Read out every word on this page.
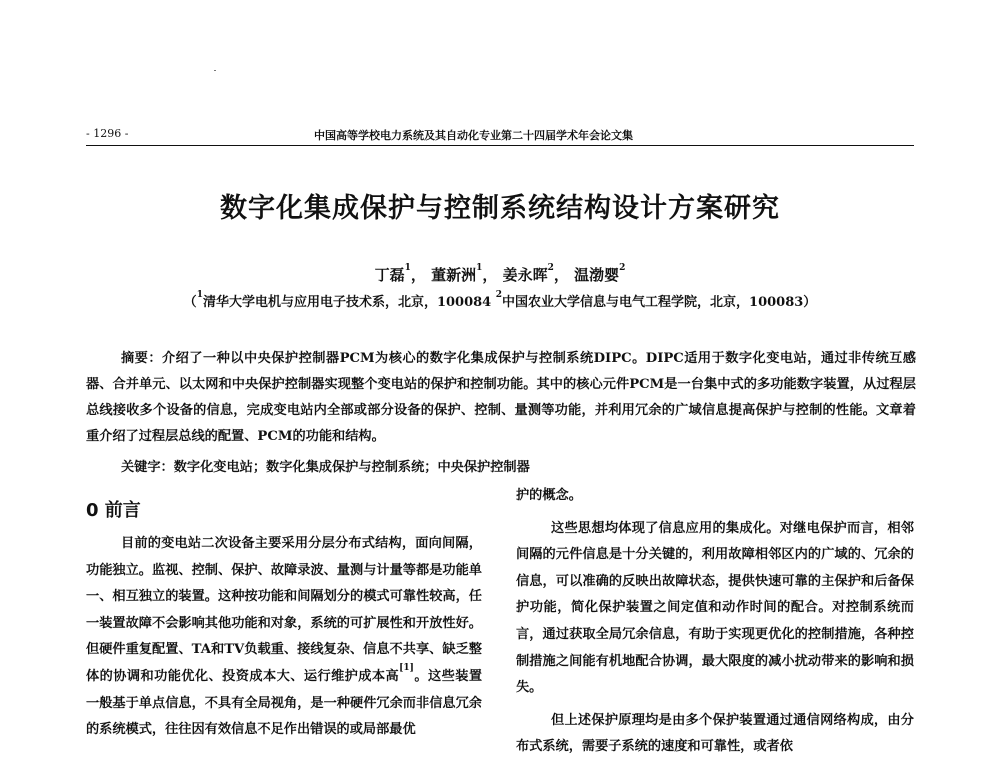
- 1296 -	中国高等学校电力系统及其自动化专业第二十四届学术年会论文集
数字化集成保护与控制系统结构设计方案研究
丁磊$^1$， 董新洲$^1$， 姜永晖$^2$， 温渤婴$^2$
（$^1$清华大学电机与应用电子技术系，北京，100084 $^2$中国农业大学信息与电气工程学院，北京，100083）
摘要：介绍了一种以中央保护控制器PCM为核心的数字化集成保护与控制系统DIPC。DIPC适用于数字化变电站，通过非传统互感器、合并单元、以太网和中央保护控制器实现整个变电站的保护和控制功能。其中的核心元件PCM是一台集中式的多功能数字装置，从过程层总线接收多个设备的信息，完成变电站内全部或部分设备的保护、控制、量测等功能，并利用冗余的广域信息提高保护与控制的性能。文章着重介绍了过程层总线的配置、PCM的功能和结构。
关键字：数字化变电站；数字化集成保护与控制系统；中央保护控制器
0 前言
目前的变电站二次设备主要采用分层分布式结构，面向间隔，功能独立。监视、控制、保护、故障录波、量测与计量等都是功能单一、相互独立的装置。这种按功能和间隔划分的模式可靠性较高，任一装置故障不会影响其他功能和对象，系统的可扩展性和开放性好。但硬件重复配置、TA和TV负载重、接线复杂、信息不共享、缺乏整体的协调和功能优化、投资成本大、运行维护成本高[1]。这些装置一般基于单点信息，不具有全局视角，是一种硬件冗余而非信息冗余的系统模式，往往因有效信息不足作出错误的或局部最优

护的概念。

这些思想均体现了信息应用的集成化。对继电保护而言，相邻间隔的元件信息是十分关键的，利用故障相邻区内的广域的、冗余的信息，可以准确的反映出故障状态，提供快速可靠的主保护和后备保护功能，简化保护装置之间定值和动作时间的配合。对控制系统而言，通过获取全局冗余信息，有助于实现更优化的控制措施，各种控制措施之间能有机地配合协调，最大限度的减小扰动带来的影响和损失。

但上述保护原理均是由多个保护装置通过通信网络构成，由分布式系统，需要子系统的速度和可靠性，或者依
